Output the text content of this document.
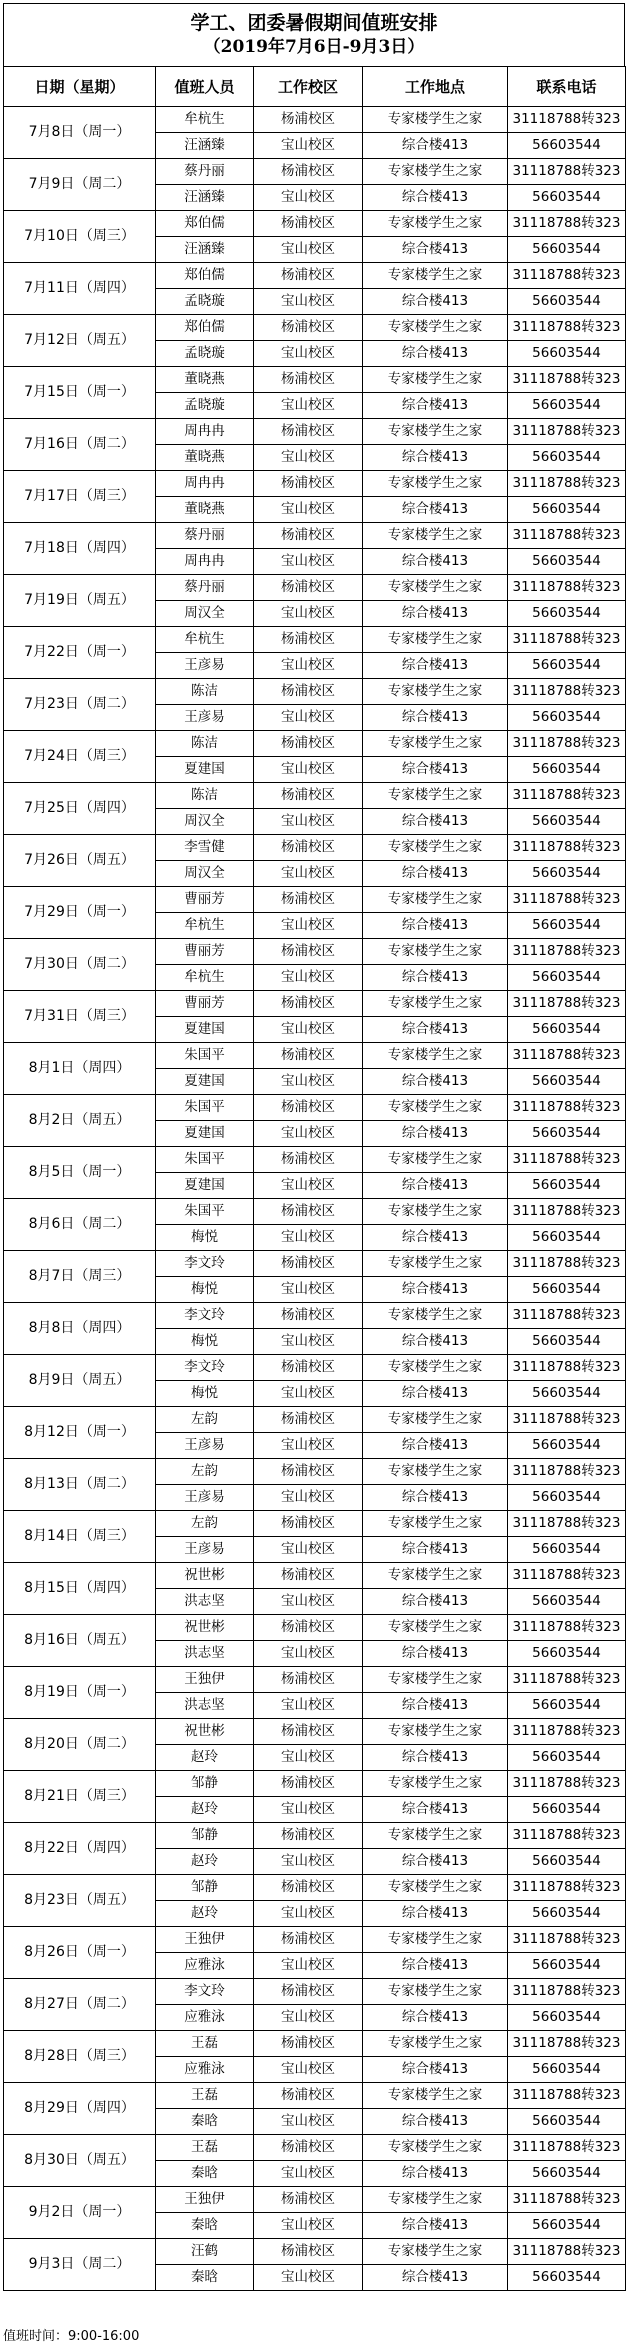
学工、团委暑假期间值班安排
（2019年7月6日-9月3日）
日期（星期）	值班人员	工作校区	工作地点	联系电话
7月8日（周一）	牟杭生	杨浦校区	专家楼学生之家	31118788转323
	汪涵臻	宝山校区	综合楼413	56603544
7月9日（周二）	蔡丹丽	杨浦校区	专家楼学生之家	31118788转323
	汪涵臻	宝山校区	综合楼413	56603544
7月10日（周三）	郑伯儒	杨浦校区	专家楼学生之家	31118788转323
	汪涵臻	宝山校区	综合楼413	56603544
7月11日（周四）	郑伯儒	杨浦校区	专家楼学生之家	31118788转323
	孟晓璇	宝山校区	综合楼413	56603544
7月12日（周五）	郑伯儒	杨浦校区	专家楼学生之家	31118788转323
	孟晓璇	宝山校区	综合楼413	56603544
7月15日（周一）	董晓燕	杨浦校区	专家楼学生之家	31118788转323
	孟晓璇	宝山校区	综合楼413	56603544
7月16日（周二）	周冉冉	杨浦校区	专家楼学生之家	31118788转323
	董晓燕	宝山校区	综合楼413	56603544
7月17日（周三）	周冉冉	杨浦校区	专家楼学生之家	31118788转323
	董晓燕	宝山校区	综合楼413	56603544
7月18日（周四）	蔡丹丽	杨浦校区	专家楼学生之家	31118788转323
	周冉冉	宝山校区	综合楼413	56603544
7月19日（周五）	蔡丹丽	杨浦校区	专家楼学生之家	31118788转323
	周汉全	宝山校区	综合楼413	56603544
7月22日（周一）	牟杭生	杨浦校区	专家楼学生之家	31118788转323
	王彦易	宝山校区	综合楼413	56603544
7月23日（周二）	陈洁	杨浦校区	专家楼学生之家	31118788转323
	王彦易	宝山校区	综合楼413	56603544
7月24日（周三）	陈洁	杨浦校区	专家楼学生之家	31118788转323
	夏建国	宝山校区	综合楼413	56603544
7月25日（周四）	陈洁	杨浦校区	专家楼学生之家	31118788转323
	周汉全	宝山校区	综合楼413	56603544
7月26日（周五）	李雪健	杨浦校区	专家楼学生之家	31118788转323
	周汉全	宝山校区	综合楼413	56603544
7月29日（周一）	曹丽芳	杨浦校区	专家楼学生之家	31118788转323
	牟杭生	宝山校区	综合楼413	56603544
7月30日（周二）	曹丽芳	杨浦校区	专家楼学生之家	31118788转323
	牟杭生	宝山校区	综合楼413	56603544
7月31日（周三）	曹丽芳	杨浦校区	专家楼学生之家	31118788转323
	夏建国	宝山校区	综合楼413	56603544
8月1日（周四）	朱国平	杨浦校区	专家楼学生之家	31118788转323
	夏建国	宝山校区	综合楼413	56603544
8月2日（周五）	朱国平	杨浦校区	专家楼学生之家	31118788转323
	夏建国	宝山校区	综合楼413	56603544
8月5日（周一）	朱国平	杨浦校区	专家楼学生之家	31118788转323
	夏建国	宝山校区	综合楼413	56603544
8月6日（周二）	朱国平	杨浦校区	专家楼学生之家	31118788转323
	梅悦	宝山校区	综合楼413	56603544
8月7日（周三）	李文玲	杨浦校区	专家楼学生之家	31118788转323
	梅悦	宝山校区	综合楼413	56603544
8月8日（周四）	李文玲	杨浦校区	专家楼学生之家	31118788转323
	梅悦	宝山校区	综合楼413	56603544
8月9日（周五）	李文玲	杨浦校区	专家楼学生之家	31118788转323
	梅悦	宝山校区	综合楼413	56603544
8月12日（周一）	左韵	杨浦校区	专家楼学生之家	31118788转323
	王彦易	宝山校区	综合楼413	56603544
8月13日（周二）	左韵	杨浦校区	专家楼学生之家	31118788转323
	王彦易	宝山校区	综合楼413	56603544
8月14日（周三）	左韵	杨浦校区	专家楼学生之家	31118788转323
	王彦易	宝山校区	综合楼413	56603544
8月15日（周四）	祝世彬	杨浦校区	专家楼学生之家	31118788转323
	洪志坚	宝山校区	综合楼413	56603544
8月16日（周五）	祝世彬	杨浦校区	专家楼学生之家	31118788转323
	洪志坚	宝山校区	综合楼413	56603544
8月19日（周一）	王独伊	杨浦校区	专家楼学生之家	31118788转323
	洪志坚	宝山校区	综合楼413	56603544
8月20日（周二）	祝世彬	杨浦校区	专家楼学生之家	31118788转323
	赵玲	宝山校区	综合楼413	56603544
8月21日（周三）	邹静	杨浦校区	专家楼学生之家	31118788转323
	赵玲	宝山校区	综合楼413	56603544
8月22日（周四）	邹静	杨浦校区	专家楼学生之家	31118788转323
	赵玲	宝山校区	综合楼413	56603544
8月23日（周五）	邹静	杨浦校区	专家楼学生之家	31118788转323
	赵玲	宝山校区	综合楼413	56603544
8月26日（周一）	王独伊	杨浦校区	专家楼学生之家	31118788转323
	应雅泳	宝山校区	综合楼413	56603544
8月27日（周二）	李文玲	杨浦校区	专家楼学生之家	31118788转323
	应雅泳	宝山校区	综合楼413	56603544
8月28日（周三）	王磊	杨浦校区	专家楼学生之家	31118788转323
	应雅泳	宝山校区	综合楼413	56603544
8月29日（周四）	王磊	杨浦校区	专家楼学生之家	31118788转323
	秦晗	宝山校区	综合楼413	56603544
8月30日（周五）	王磊	杨浦校区	专家楼学生之家	31118788转323
	秦晗	宝山校区	综合楼413	56603544
9月2日（周一）	王独伊	杨浦校区	专家楼学生之家	31118788转323
	秦晗	宝山校区	综合楼413	56603544
9月3日（周二）	汪鹤	杨浦校区	专家楼学生之家	31118788转323
	秦晗	宝山校区	综合楼413	56603544
值班时间：9:00-16:00
